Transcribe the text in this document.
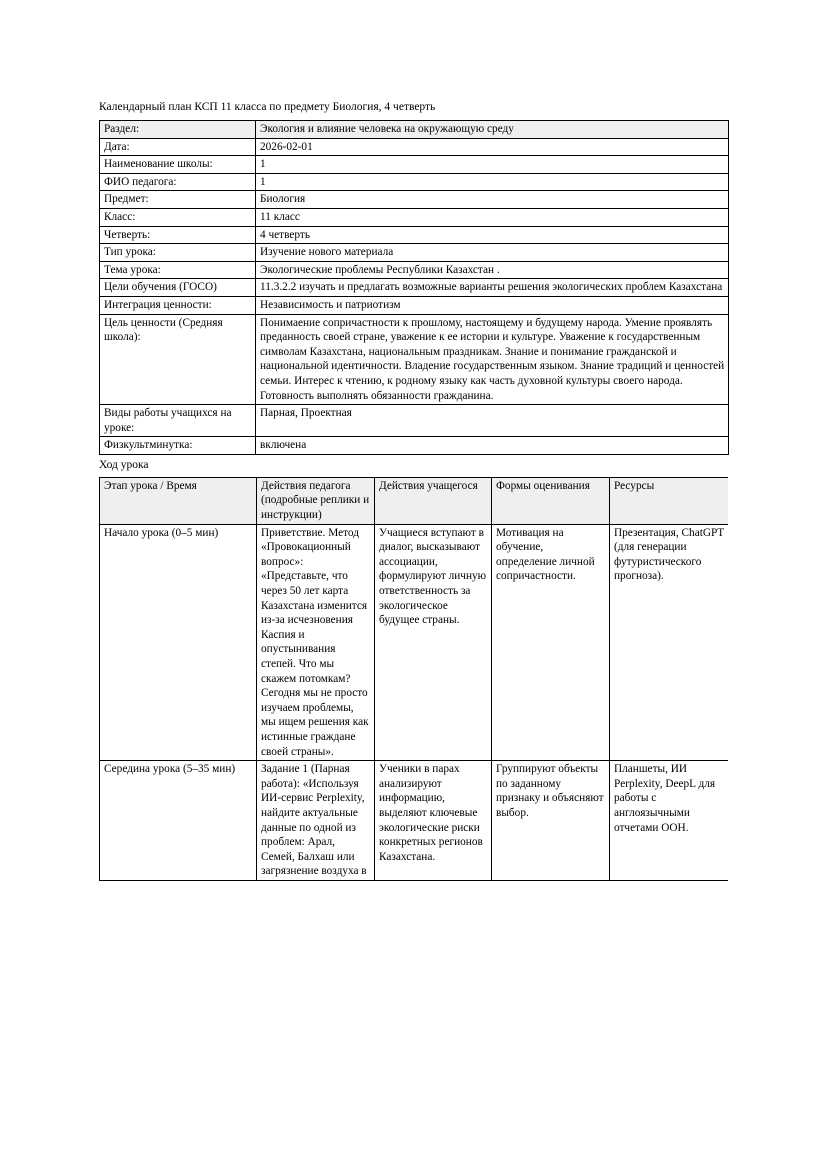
Календарный план КСП 11 класса по предмету Биология, 4 четверть

Раздел:	Экология и влияние человека на окружающую среду
Дата:	2026-02-01
Наименование школы:	1
ФИО педагога:	1
Предмет:	Биология
Класс:	11 класс
Четверть:	4 четверть
Тип урока:	Изучение нового материала
Тема урока:	Экологические проблемы Республики Казахстан .
Цели обучения (ГОСО)	11.3.2.2 изучать и предлагать возможные варианты решения экологических проблем Казахстана
Интеграция ценности:	Независимость и патриотизм
Цель ценности (Средняя школа):	Понимаение сопричастности к прошлому, настоящему и будущему народа. Умение проявлять преданность своей стране, уважение к ее истории и культуре. Уважение к государственным символам Казахстана, национальным праздникам. Знание и понимание гражданской и национальной идентичности. Владение государственным языком. Знание традиций и ценностей семьи. Интерес к чтению, к родному языку как часть духовной культуры своего народа. Готовность выполнять обязанности гражданина.
Виды работы учащихся на уроке:	Парная, Проектная
Физкультминутка:	включена

Ход урока

Этап урока / Время	Действия педагога (подробные реплики и инструкции)	Действия учащегося	Формы оценивания	Ресурсы
Начало урока (0–5 мин)	Приветствие. Метод «Провокационный вопрос»: «Представьте, что через 50 лет карта Казахстана изменится из-за исчезновения Каспия и опустынивания степей. Что мы скажем потомкам? Сегодня мы не просто изучаем проблемы, мы ищем решения как истинные граждане своей страны».	Учащиеся вступают в диалог, высказывают ассоциации, формулируют личную ответственность за экологическое будущее страны.	Мотивация на обучение, определение личной сопричастности.	Презентация, ChatGPT (для генерации футуристического прогноза).
Середина урока (5–35 мин)	Задание 1 (Парная работа): «Используя ИИ-сервис Perplexity, найдите актуальные данные по одной из проблем: Арал, Семей, Балхаш или загрязнение воздуха в	Ученики в парах анализируют информацию, выделяют ключевые экологические риски конкретных регионов Казахстана.	Группируют объекты по заданному признаку и объясняют выбор.	Планшеты, ИИ Perplexity, DeepL для работы с англоязычными отчетами ООН.
